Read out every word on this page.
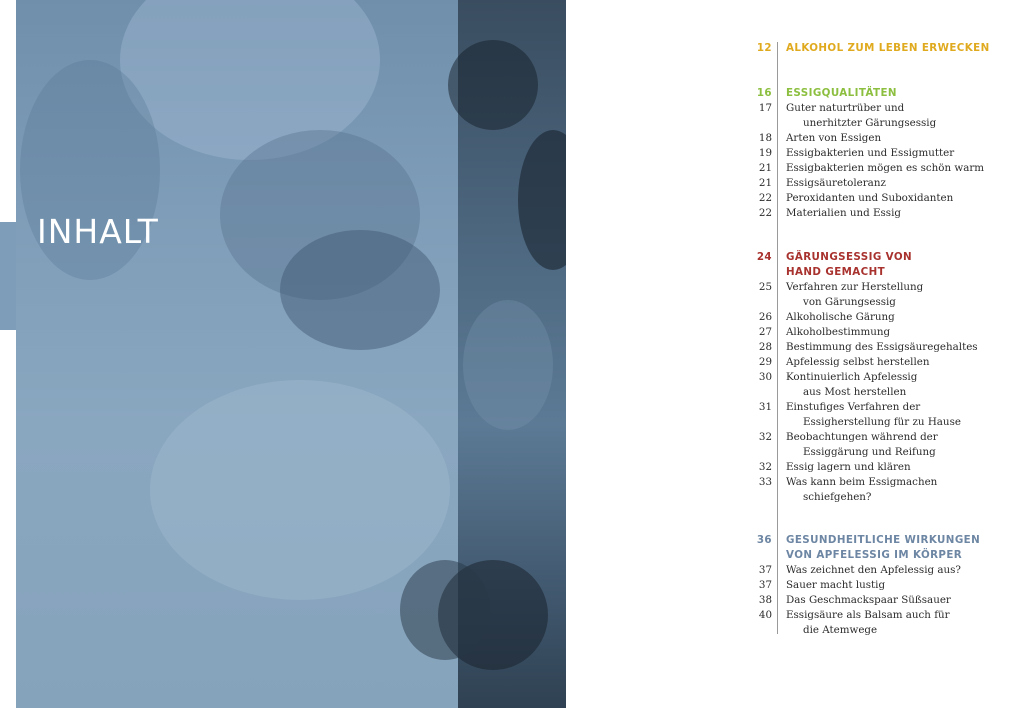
INHALT
12	ALKOHOL ZUM LEBEN ERWECKEN
16	ESSIGQUALITÄTEN
17	Guter naturtrüber und
unerhitzter Gärungsessig
18	Arten von Essigen
19	Essigbakterien und Essigmutter
21	Essigbakterien mögen es schön warm
21	Essigsäuretoleranz
22	Peroxidanten und Suboxidanten
22	Materialien und Essig
24	GÄRUNGSESSIG VON
HAND GEMACHT
25	Verfahren zur Herstellung
von Gärungsessig
26	Alkoholische Gärung
27	Alkoholbestimmung
28	Bestimmung des Essigsäuregehaltes
29	Apfelessig selbst herstellen
30	Kontinuierlich Apfelessig
aus Most herstellen
31	Einstufiges Verfahren der
Essigherstellung für zu Hause
32	Beobachtungen während der
Essiggärung und Reifung
32	Essig lagern und klären
33	Was kann beim Essigmachen
schiefgehen?
36	GESUNDHEITLICHE WIRKUNGEN
VON APFELESSIG IM KÖRPER
37	Was zeichnet den Apfelessig aus?
37	Sauer macht lustig
38	Das Geschmackspaar Süßsauer
40	Essigsäure als Balsam auch für
die Atemwege
